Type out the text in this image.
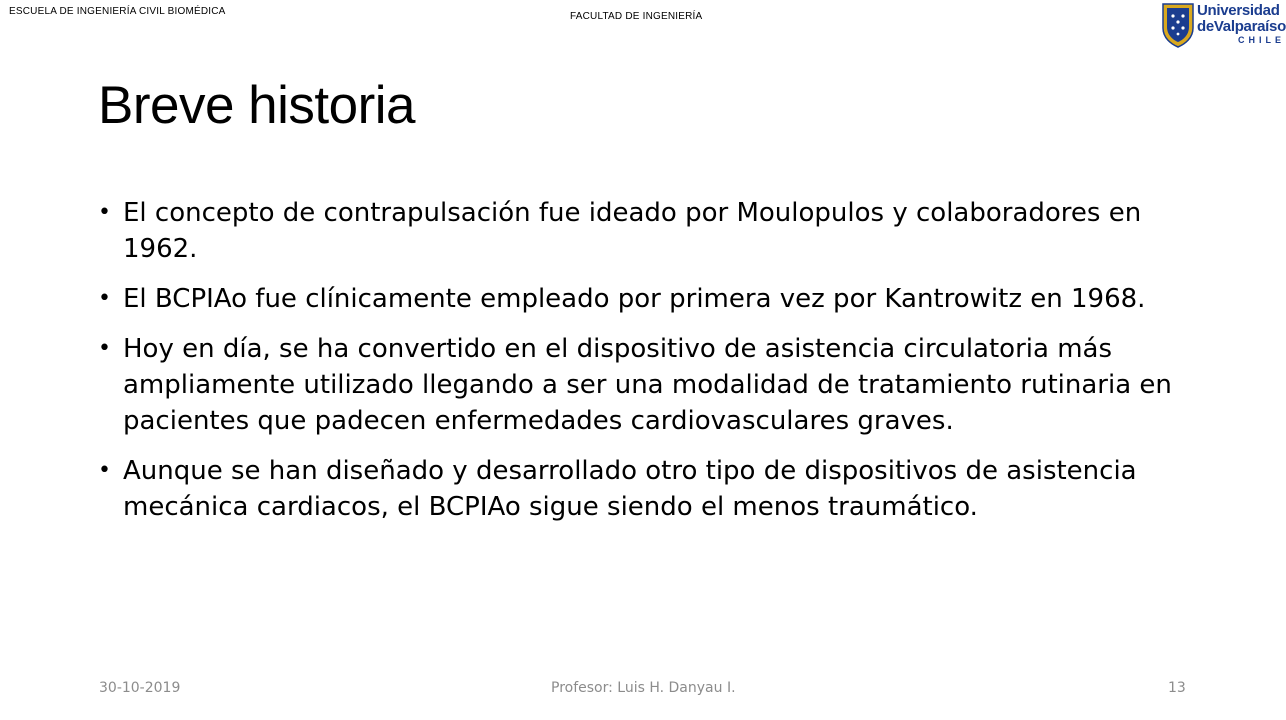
ESCUELA DE INGENIERÍA CIVIL BIOMÉDICA	FACULTAD DE INGENIERÍA	Universidad
deValparaíso
CHILE
Breve historia
• El concepto de contrapulsación fue ideado por Moulopulos y colaboradores en 1962.
• El BCPIAo fue clínicamente empleado por primera vez por Kantrowitz en 1968.
• Hoy en día, se ha convertido en el dispositivo de asistencia circulatoria más ampliamente utilizado llegando a ser una modalidad de tratamiento rutinaria en pacientes que padecen enfermedades cardiovasculares graves.
• Aunque se han diseñado y desarrollado otro tipo de dispositivos de asistencia mecánica cardiacos, el BCPIAo sigue siendo el menos traumático.
30-10-2019	Profesor: Luis H. Danyau I.	13
